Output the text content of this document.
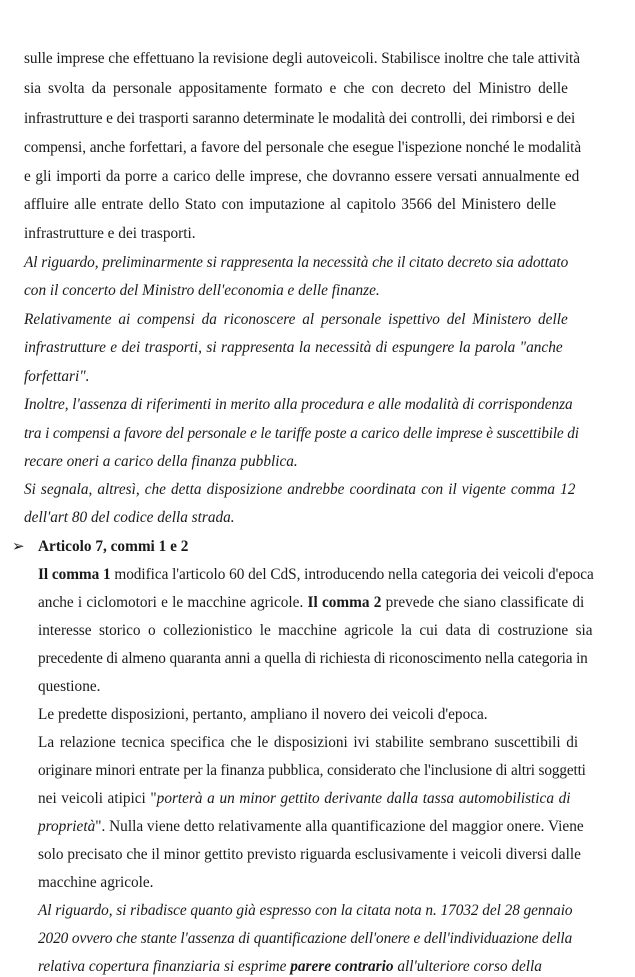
sulle imprese che effettuano la revisione degli autoveicoli. Stabilisce inoltre che tale attività
sia svolta da personale appositamente formato e che con decreto del Ministro delle
infrastrutture e dei trasporti saranno determinate le modalità dei controlli, dei rimborsi e dei
compensi, anche forfettari, a favore del personale che esegue l'ispezione nonché le modalità
e gli importi da porre a carico delle imprese, che dovranno essere versati annualmente ed
affluire alle entrate dello Stato con imputazione al capitolo 3566 del Ministero delle
infrastrutture e dei trasporti.
Al riguardo, preliminarmente si rappresenta la necessità che il citato decreto sia adottato
con il concerto del Ministro dell'economia e delle finanze.
Relativamente ai compensi da riconoscere al personale ispettivo del Ministero delle
infrastrutture e dei trasporti, si rappresenta la necessità di espungere la parola "anche
forfettari".
Inoltre, l'assenza di riferimenti in merito alla procedura e alle modalità di corrispondenza
tra i compensi a favore del personale e le tariffe poste a carico delle imprese è suscettibile di
recare oneri a carico della finanza pubblica.
Si segnala, altresì, che detta disposizione andrebbe coordinata con il vigente comma 12
dell'art 80 del codice della strada.
➢ Articolo 7, commi 1 e 2
Il comma 1 modifica l'articolo 60 del CdS, introducendo nella categoria dei veicoli d'epoca
anche i ciclomotori e le macchine agricole. Il comma 2 prevede che siano classificate di
interesse storico o collezionistico le macchine agricole la cui data di costruzione sia
precedente di almeno quaranta anni a quella di richiesta di riconoscimento nella categoria in
questione.
Le predette disposizioni, pertanto, ampliano il novero dei veicoli d'epoca.
La relazione tecnica specifica che le disposizioni ivi stabilite sembrano suscettibili di
originare minori entrate per la finanza pubblica, considerato che l'inclusione di altri soggetti
nei veicoli atipici "porterà a un minor gettito derivante dalla tassa automobilistica di
proprietà". Nulla viene detto relativamente alla quantificazione del maggior onere. Viene
solo precisato che il minor gettito previsto riguarda esclusivamente i veicoli diversi dalle
macchine agricole.
Al riguardo, si ribadisce quanto già espresso con la citata nota n. 17032 del 28 gennaio
2020 ovvero che stante l'assenza di quantificazione dell'onere e dell'individuazione della
relativa copertura finanziaria si esprime parere contrario all'ulteriore corso della
